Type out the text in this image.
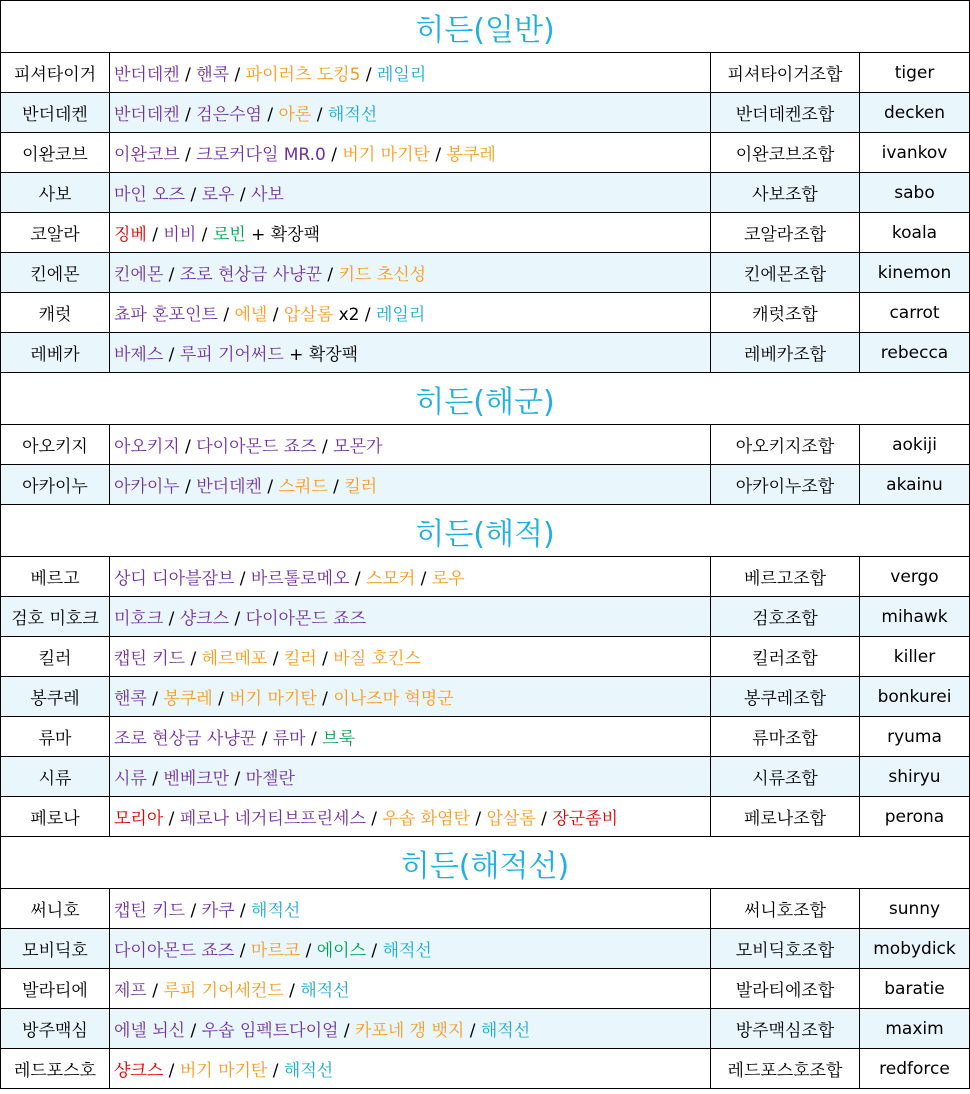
히든(일반)			
피셔타이거	반더데켄 / 핸콕 / 파이러츠 도킹5 / 레일리	피셔타이거조합	tiger
반더데켄	반더데켄 / 검은수염 / 아론 / 해적선	반더데켄조합	decken
이완코브	이완코브 / 크로커다일 MR.0 / 버기 마기탄 / 봉쿠레	이완코브조합	ivankov
사보	마인 오즈 / 로우 / 사보	사보조합	sabo
코알라	징베 / 비비 / 로빈 + 확장팩	코알라조합	koala
킨에몬	킨에몬 / 조로 현상금 사냥꾼 / 키드 초신성	킨에몬조합	kinemon
캐럿	쵸파 혼포인트 / 에넬 / 압살롬 x2 / 레일리	캐럿조합	carrot
레베카	바제스 / 루피 기어써드 + 확장팩	레베카조합	rebecca
히든(해군)			
아오키지	아오키지 / 다이아몬드 죠즈 / 모몬가	아오키지조합	aokiji
아카이누	아카이누 / 반더데켄 / 스쿼드 / 킬러	아카이누조합	akainu
히든(해적)			
베르고	상디 디아블잠브 / 바르톨로메오 / 스모커 / 로우	베르고조합	vergo
검호 미호크	미호크 / 샹크스 / 다이아몬드 죠즈	검호조합	mihawk
킬러	캡틴 키드 / 헤르메포 / 킬러 / 바질 호킨스	킬러조합	killer
봉쿠레	핸콕 / 봉쿠레 / 버기 마기탄 / 이나즈마 혁명군	봉쿠레조합	bonkurei
류마	조로 현상금 사냥꾼 / 류마 / 브룩	류마조합	ryuma
시류	시류 / 벤베크만 / 마젤란	시류조합	shiryu
페로나	모리아 / 페로나 네거티브프린세스 / 우솝 화염탄 / 압살롬 / 장군좀비	페로나조합	perona
히든(해적선)			
써니호	캡틴 키드 / 카쿠 / 해적선	써니호조합	sunny
모비딕호	다이아몬드 죠즈 / 마르코 / 에이스 / 해적선	모비딕호조합	mobydick
발라티에	제프 / 루피 기어세컨드 / 해적선	발라티에조합	baratie
방주맥심	에넬 뇌신 / 우솝 임펙트다이얼 / 카포네 갱 뱃지 / 해적선	방주맥심조합	maxim
레드포스호	샹크스 / 버기 마기탄 / 해적선	레드포스호조합	redforce
